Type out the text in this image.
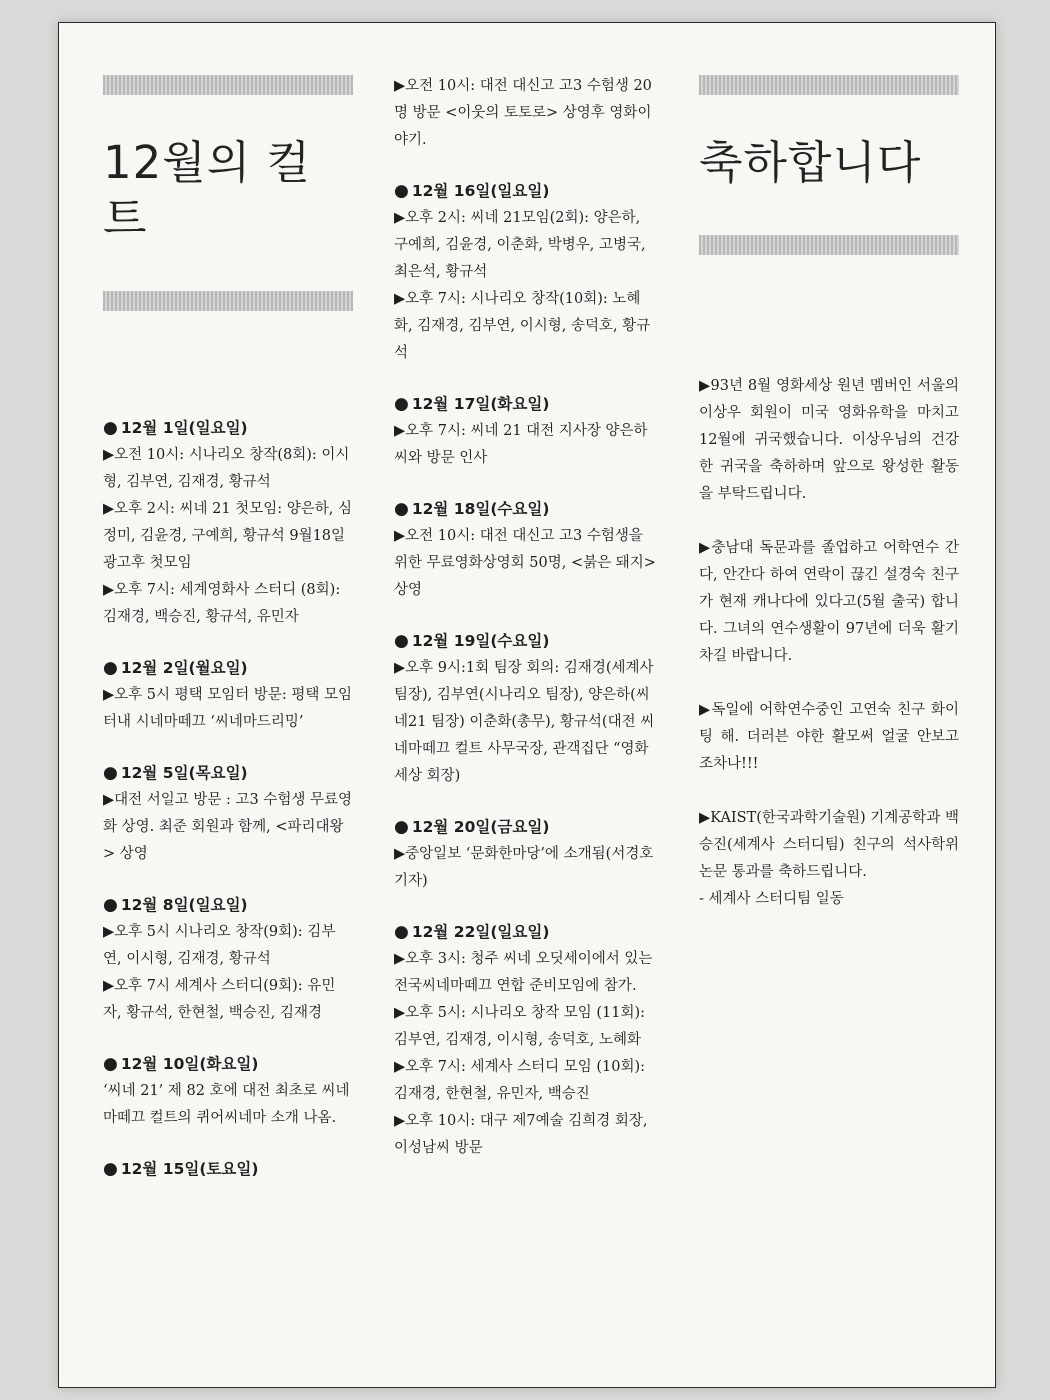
12월의 컬트
● 12월 1일(일요일)

▶오전 10시: 시나리오 창작(8회): 이시형, 김부연, 김재경, 황규석

▶오후 2시: 씨네 21 첫모임: 양은하, 심정미, 김윤경, 구예희, 황규석 9월18일 광고후 첫모임

▶오후 7시: 세계영화사 스터디 (8회): 김재경, 백승진, 황규석, 유민자

● 12월 2일(월요일)

▶오후 5시 평택 모임터 방문: 평택 모임터내 시네마떼끄 ‘씨네마드리밍’

● 12월 5일(목요일)

▶대전 서일고 방문 : 고3 수험생 무료영화 상영. 최준 회원과 함께, <파리대왕> 상영

● 12월 8일(일요일)

▶오후 5시 시나리오 창작(9회): 김부연, 이시형, 김재경, 황규석

▶오후 7시 세계사 스터디(9회): 유민자, 황규석, 한현철, 백승진, 김재경

● 12월 10일(화요일)

‘씨네 21’ 제 82 호에 대전 최초로 씨네마떼끄 컬트의 퀴어씨네마 소개 나옴.

● 12월 15일(토요일)

▶오전 10시: 대전 대신고 고3 수험생 20명 방문 <이웃의 토토로> 상영후 영화이야기.

● 12월 16일(일요일)

▶오후 2시: 씨네 21모임(2회): 양은하, 구예희, 김윤경, 이춘화, 박병우, 고병국, 최은석, 황규석

▶오후 7시: 시나리오 창작(10회): 노혜화, 김재경, 김부연, 이시형, 송덕호, 황규석

● 12월 17일(화요일)

▶오후 7시: 씨네 21 대전 지사장 양은하씨와 방문 인사

● 12월 18일(수요일)

▶오전 10시: 대전 대신고 고3 수험생을 위한 무료영화상영회 50명, <붉은 돼지> 상영

● 12월 19일(수요일)

▶오후 9시:1회 팀장 회의: 김재경(세계사 팀장), 김부연(시나리오 팀장), 양은하(씨네21 팀장) 이춘화(총무), 황규석(대전 씨네마떼끄 컬트 사무국장, 관객집단 “영화세상 회장)

● 12월 20일(금요일)

▶중앙일보 ‘문화한마당’에 소개됨(서경호 기자)

● 12월 22일(일요일)

▶오후 3시: 청주 씨네 오딧세이에서 있는 전국씨네마떼끄 연합 준비모임에 참가.

▶오후 5시: 시나리오 창작 모임 (11회): 김부연, 김재경, 이시형, 송덕호, 노혜화

▶오후 7시: 세계사 스터디 모임 (10회): 김재경, 한현철, 유민자, 백승진

▶오후 10시: 대구 제7예술 김희경 회장, 이성남씨 방문

축하합니다

▶93년 8월 영화세상 원년 멤버인 서울의 이상우 회원이 미국 영화유학을 마치고 12월에 귀국했습니다. 이상우님의 건강한 귀국을 축하하며 앞으로 왕성한 활동을 부탁드립니다.

▶충남대 독문과를 졸업하고 어학연수 간다, 안간다 하여 연락이 끊긴 설경숙 친구가 현재 캐나다에 있다고(5월 출국) 합니다. 그녀의 연수생활이 97년에 더욱 활기차길 바랍니다.

▶독일에 어학연수중인 고연숙 친구 화이팅 해. 더러븐 야한 활모써 얼굴 안보고 조차나!!!

▶KAIST(한국과학기술원) 기계공학과 백승진(세계사 스터디팀) 친구의 석사학위 논문 통과를 축하드립니다.

- 세계사 스터디팀 일동
